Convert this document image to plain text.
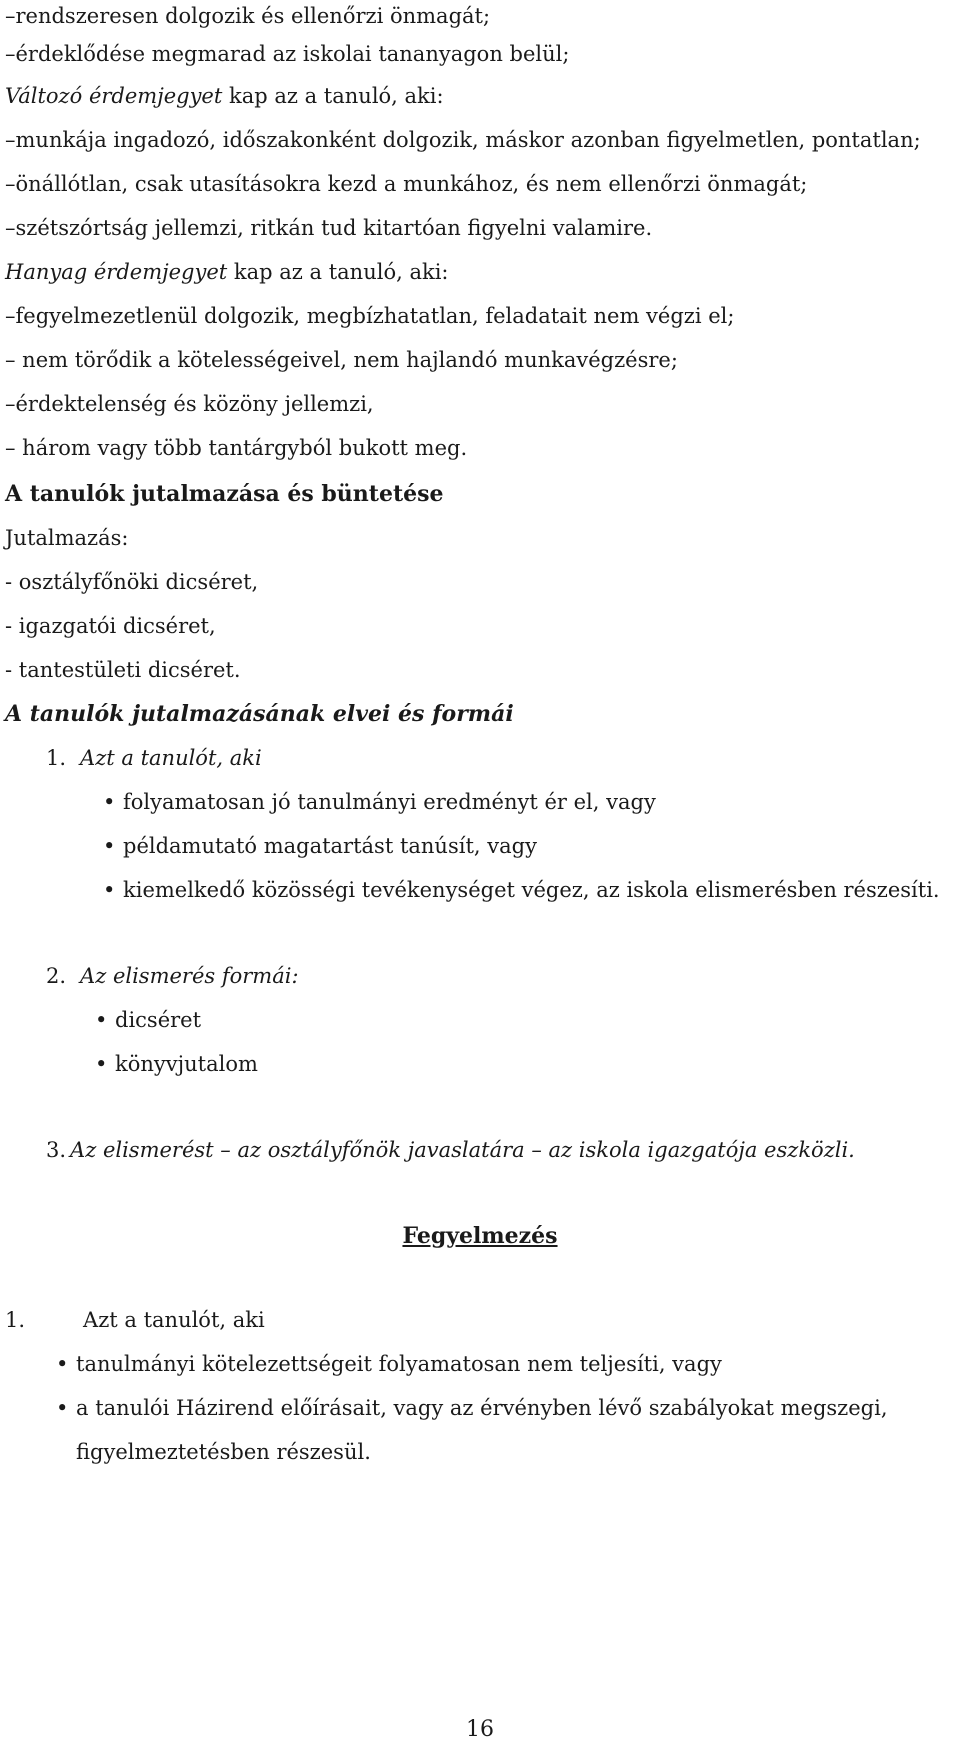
–rendszeresen dolgozik és ellenőrzi önmagát;
–érdeklődése megmarad az iskolai tananyagon belül;
Változó érdemjegyet kap az a tanuló, aki:
–munkája ingadozó, időszakonként dolgozik, máskor azonban figyelmetlen, pontatlan;
–önállótlan, csak utasításokra kezd a munkához, és nem ellenőrzi önmagát;
–szétszórtság jellemzi, ritkán tud kitartóan figyelni valamire.
Hanyag érdemjegyet kap az a tanuló, aki:
–fegyelmezetlenül dolgozik, megbízhatatlan, feladatait nem végzi el;
– nem törődik a kötelességeivel, nem hajlandó munkavégzésre;
–érdektelenség és közöny jellemzi,
– három vagy több tantárgyból bukott meg.
A tanulók jutalmazása és büntetése
Jutalmazás:
- osztályfőnöki dicséret,
- igazgatói dicséret,
- tantestületi dicséret.
A tanulók jutalmazásának elvei és formái
1. Azt a tanulót, aki
• folyamatosan jó tanulmányi eredményt ér el, vagy
• példamutató magatartást tanúsít, vagy
• kiemelkedő közösségi tevékenységet végez, az iskola elismerésben részesíti.
2. Az elismerés formái:
• dicséret
• könyvjutalom
3. Az elismerést – az osztályfőnök javaslatára – az iskola igazgatója eszközli.
Fegyelmezés
1.	Azt a tanulót, aki
• tanulmányi kötelezettségeit folyamatosan nem teljesíti, vagy
• a tanulói Házirend előírásait, vagy az érvényben lévő szabályokat megszegi,
figyelmeztetésben részesül.
16
